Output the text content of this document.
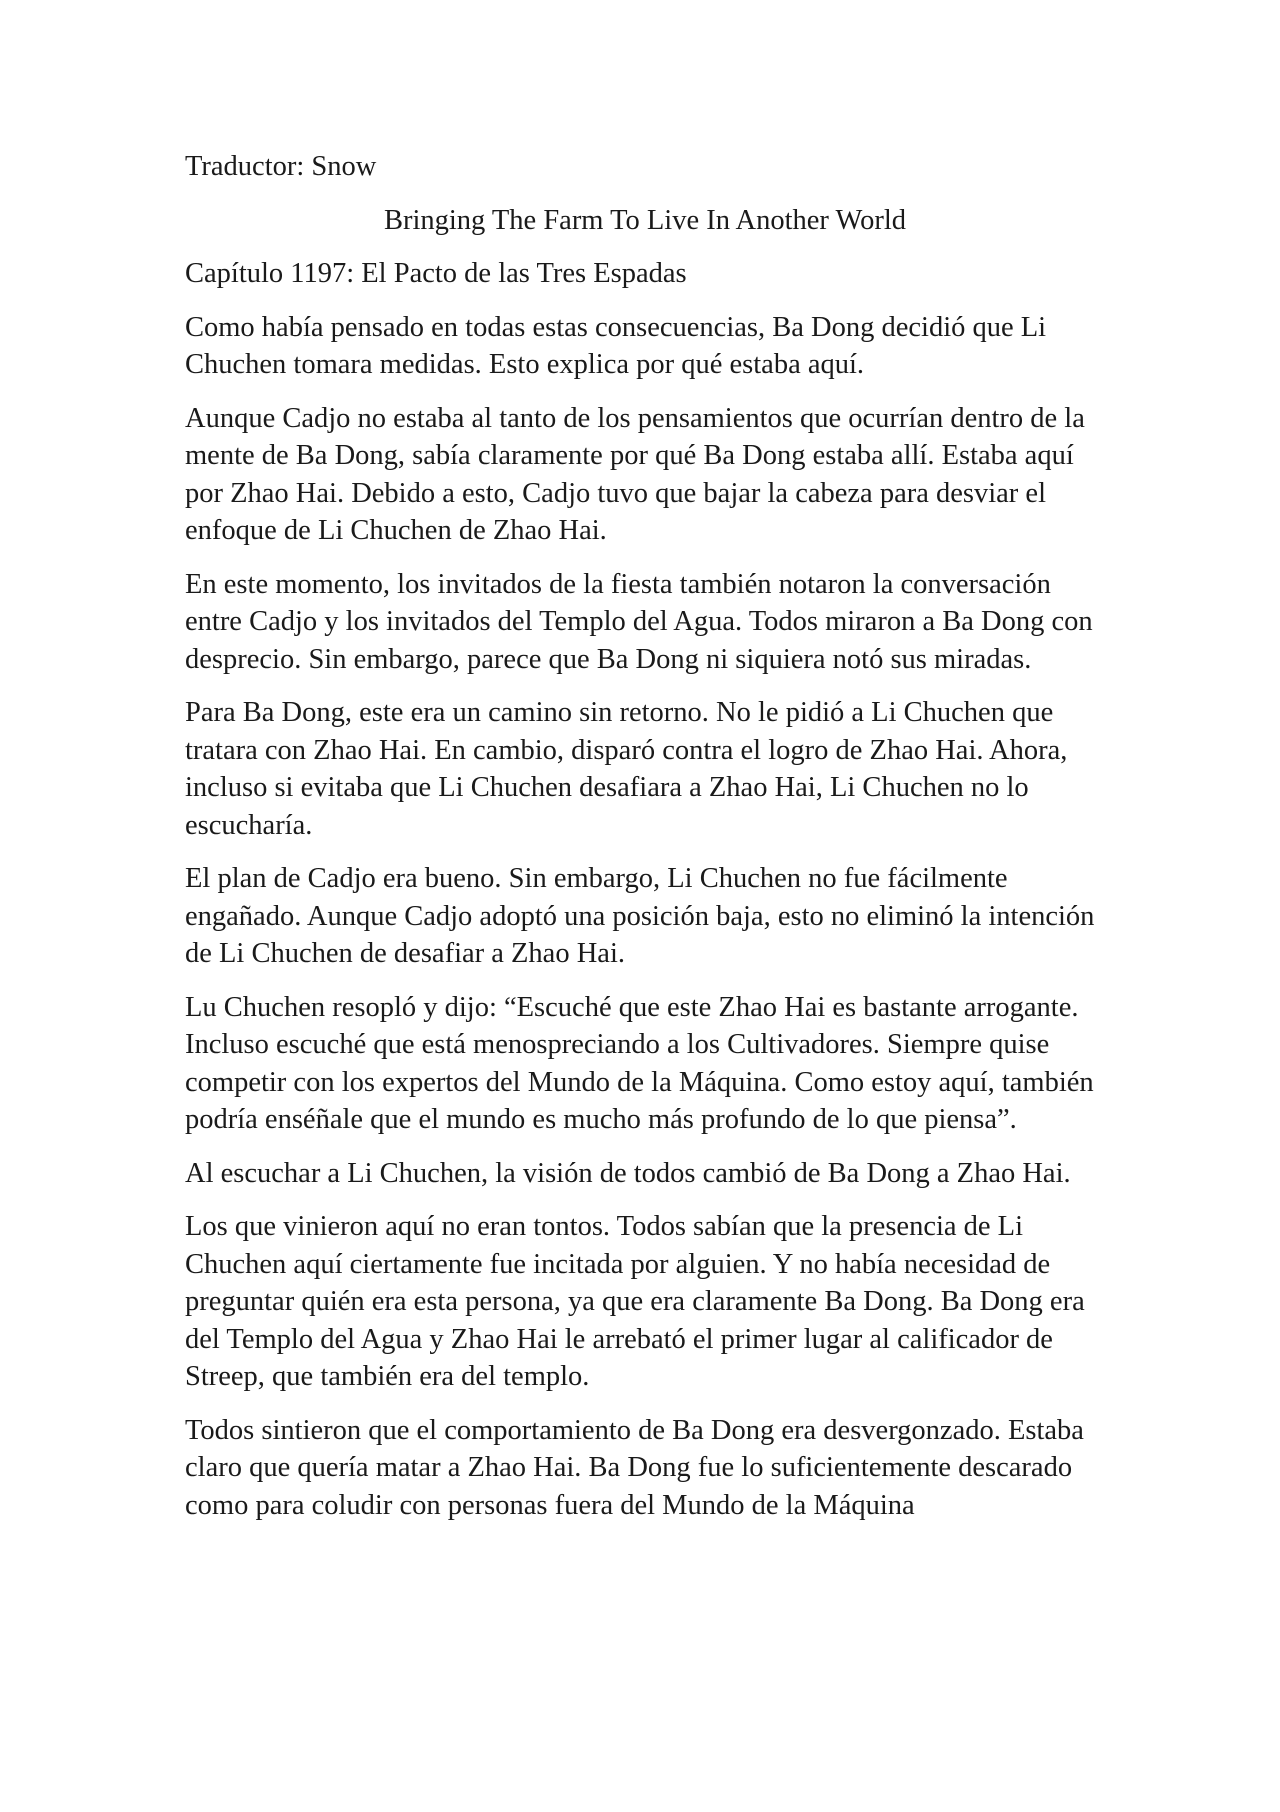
Traductor: Snow

Bringing The Farm To Live In Another World

Capítulo 1197: El Pacto de las Tres Espadas

Como había pensado en todas estas consecuencias, Ba Dong decidió que Li Chuchen tomara medidas. Esto explica por qué estaba aquí.

Aunque Cadjo no estaba al tanto de los pensamientos que ocurrían dentro de la mente de Ba Dong, sabía claramente por qué Ba Dong estaba allí. Estaba aquí por Zhao Hai. Debido a esto, Cadjo tuvo que bajar la cabeza para desviar el enfoque de Li Chuchen de Zhao Hai.

En este momento, los invitados de la fiesta también notaron la conversación entre Cadjo y los invitados del Templo del Agua. Todos miraron a Ba Dong con desprecio. Sin embargo, parece que Ba Dong ni siquiera notó sus miradas.

Para Ba Dong, este era un camino sin retorno. No le pidió a Li Chuchen que tratara con Zhao Hai. En cambio, disparó contra el logro de Zhao Hai. Ahora, incluso si evitaba que Li Chuchen desafiara a Zhao Hai, Li Chuchen no lo escucharía.

El plan de Cadjo era bueno. Sin embargo, Li Chuchen no fue fácilmente engañado. Aunque Cadjo adoptó una posición baja, esto no eliminó la intención de Li Chuchen de desafiar a Zhao Hai.

Lu Chuchen resopló y dijo: “Escuché que este Zhao Hai es bastante arrogante. Incluso escuché que está menospreciando a los Cultivadores. Siempre quise competir con los expertos del Mundo de la Máquina. Como estoy aquí, también podría enséñale que el mundo es mucho más profundo de lo que piensa”.

Al escuchar a Li Chuchen, la visión de todos cambió de Ba Dong a Zhao Hai.

Los que vinieron aquí no eran tontos. Todos sabían que la presencia de Li Chuchen aquí ciertamente fue incitada por alguien. Y no había necesidad de preguntar quién era esta persona, ya que era claramente Ba Dong. Ba Dong era del Templo del Agua y Zhao Hai le arrebató el primer lugar al calificador de Streep, que también era del templo.

Todos sintieron que el comportamiento de Ba Dong era desvergonzado. Estaba claro que quería matar a Zhao Hai. Ba Dong fue lo suficientemente descarado como para coludir con personas fuera del Mundo de la Máquina
